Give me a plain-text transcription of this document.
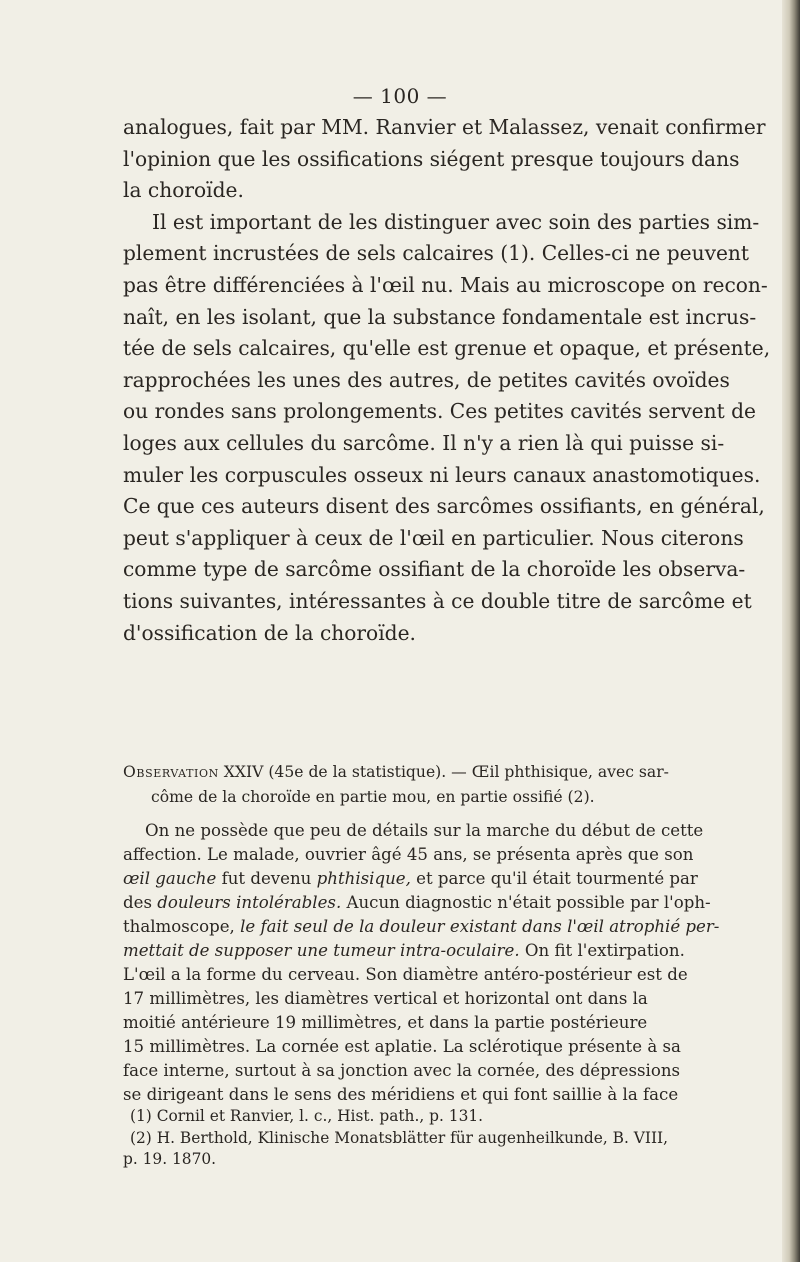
— 100 —
analogues, fait par MM. Ranvier et Malassez, venait confirmer
l'opinion que les ossifications siégent presque toujours dans
la choroïde.
Il est important de les distinguer avec soin des parties sim-
plement incrustées de sels calcaires (1). Celles-ci ne peuvent
pas être différenciées à l'œil nu. Mais au microscope on recon-
naît, en les isolant, que la substance fondamentale est incrus-
tée de sels calcaires, qu'elle est grenue et opaque, et présente,
rapprochées les unes des autres, de petites cavités ovoïdes
ou rondes sans prolongements. Ces petites cavités servent de
loges aux cellules du sarcôme. Il n'y a rien là qui puisse si-
muler les corpuscules osseux ni leurs canaux anastomotiques.
Ce que ces auteurs disent des sarcômes ossifiants, en général,
peut s'appliquer à ceux de l'œil en particulier. Nous citerons
comme type de sarcôme ossifiant de la choroïde les observa-
tions suivantes, intéressantes à ce double titre de sarcôme et
d'ossification de la choroïde.
Observation XXIV (45e de la statistique). — Œil phthisique, avec sar-
côme de la choroïde en partie mou, en partie ossifié (2).
On ne possède que peu de détails sur la marche du début de cette
affection. Le malade, ouvrier âgé 45 ans, se présenta après que son
œil gauche fut devenu phthisique, et parce qu'il était tourmenté par
des douleurs intolérables. Aucun diagnostic n'était possible par l'oph-
thalmoscope, le fait seul de la douleur existant dans l'œil atrophié per-
mettait de supposer une tumeur intra-oculaire. On fit l'extirpation.
L'œil a la forme du cerveau. Son diamètre antéro-postérieur est de
17 millimètres, les diamètres vertical et horizontal ont dans la
moitié antérieure 19 millimètres, et dans la partie postérieure
15 millimètres. La cornée est aplatie. La sclérotique présente à sa
face interne, surtout à sa jonction avec la cornée, des dépressions
se dirigeant dans le sens des méridiens et qui font saillie à la face
(1) Cornil et Ranvier, l. c., Hist. path., p. 131.
(2) H. Berthold, Klinische Monatsblätter für augenheilkunde, B. VIII,
p. 19. 1870.
